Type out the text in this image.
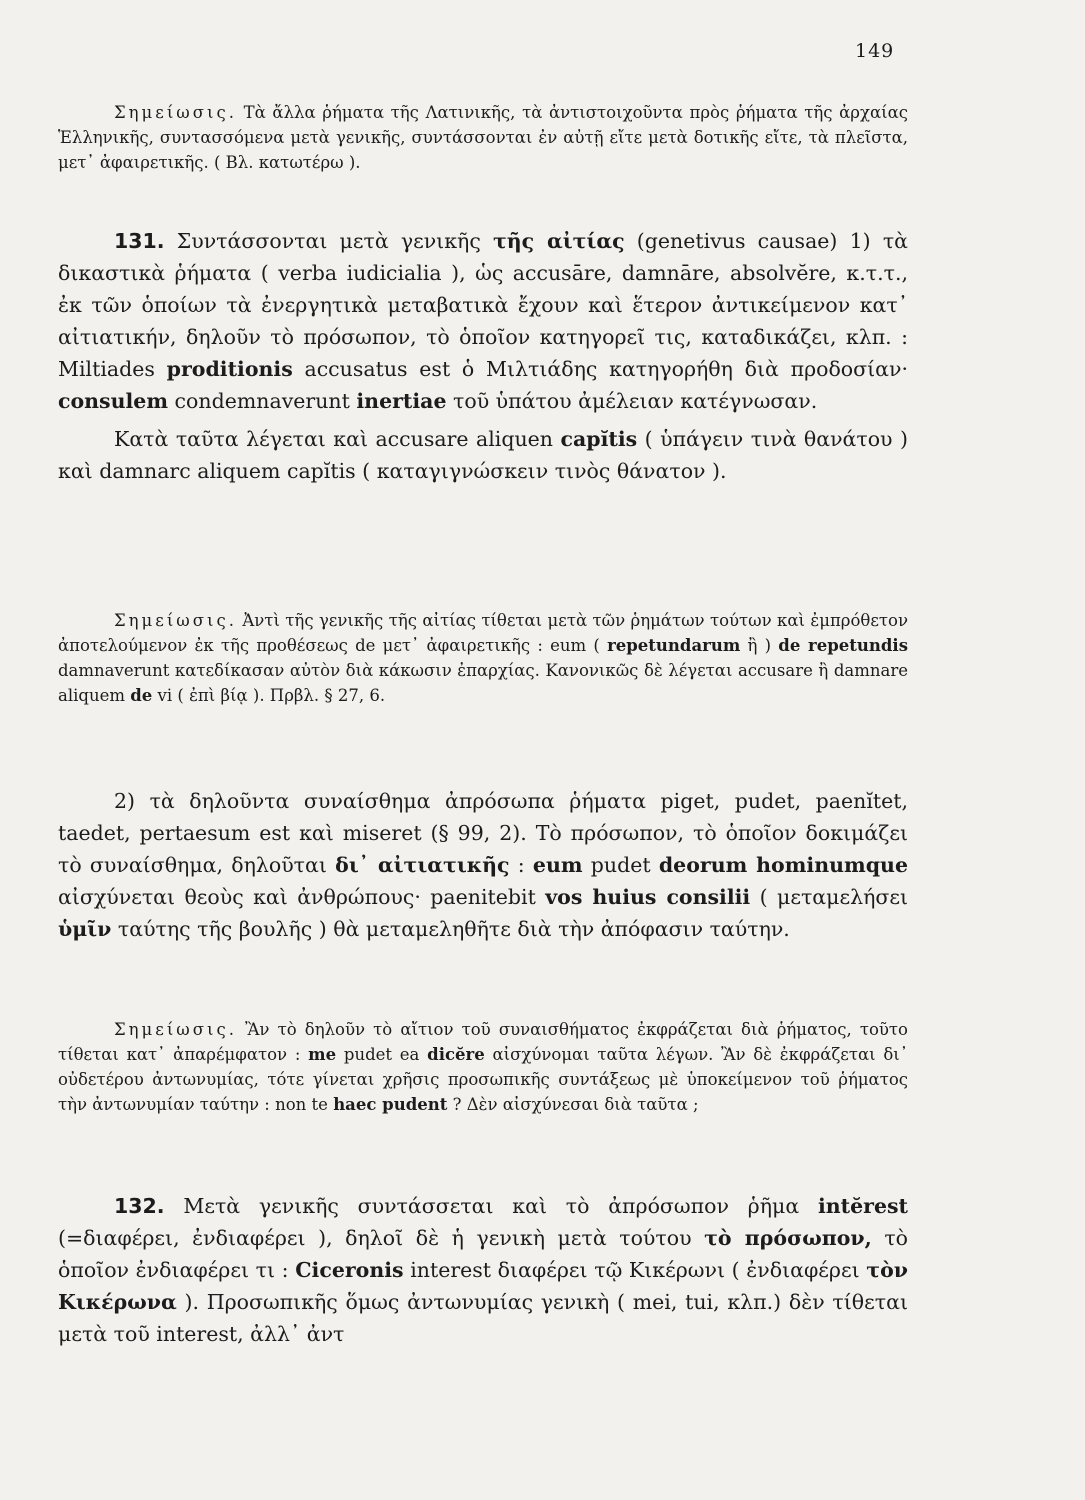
149

Σημείωσις. Τὰ ἄλλα ῥήματα τῆς Λατινικῆς, τὰ ἀντιστοιχοῦντα πρὸς ῥήματα τῆς ἀρχαίας Ἑλληνικῆς, συντασσόμενα μετὰ γενικῆς, συντάσσονται ἐν αὐτῇ εἴτε μετὰ δοτικῆς εἴτε, τὰ πλεῖστα, μετ᾽ ἀφαιρετικῆς. ( Βλ. κατωτέρω ).

131. Συντάσσονται μετὰ γενικῆς τῆς αἰτίας (genetivus causae) 1) τὰ δικαστικὰ ῥήματα ( verba iudicialia ), ὡς accusāre, damnāre, absolvĕre, κ.τ.τ., ἐκ τῶν ὁποίων τὰ ἐνεργητικὰ μεταβατικὰ ἔχουν καὶ ἕτερον ἀντικείμενον κατ᾽ αἰτιατικήν, δηλοῦν τὸ πρόσωπον, τὸ ὁποῖον κατηγορεῖ τις, καταδικάζει, κλπ. : Miltiades proditionis accusatus est ὁ Μιλτιάδης κατηγορήθη διὰ προδοσίαν· consulem condemnaverunt inertiae τοῦ ὑπάτου ἀμέλειαν κατέγνωσαν.

Κατὰ ταῦτα λέγεται καὶ accusare aliquen capĭtis ( ὑπάγειν τινὰ θανάτου ) καὶ damnarc aliquem capĭtis ( καταγιγνώσκειν τινὸς θάνατον ).

Σημείωσις. Ἀντὶ τῆς γενικῆς τῆς αἰτίας τίθεται μετὰ τῶν ῥημάτων τούτων καὶ ἐμπρόθετον ἀποτελούμενον ἐκ τῆς προθέσεως de μετ᾽ ἀφαιρετικῆς : eum ( repetundarum ἢ ) de repetundis damnaverunt κατεδίκασαν αὐτὸν διὰ κάκωσιν ἐπαρχίας. Κανονικῶς δὲ λέγεται accusare ἢ damnare aliquem de vi ( ἐπὶ βίᾳ ). Πρβλ. § 27, 6.

2) τὰ δηλοῦντα συναίσθημα ἀπρόσωπα ῥήματα piget, pudet, paenĭtet, taedet, pertaesum est καὶ miseret (§ 99, 2). Τὸ πρόσωπον, τὸ ὁποῖον δοκιμάζει τὸ συναίσθημα, δηλοῦται δι᾽ αἰτιατικῆς : eum pudet deorum hominumque αἰσχύνεται θεοὺς καὶ ἀνθρώπους· paenitebit vos huius consilii ( μεταμελήσει ὑμῖν ταύτης τῆς βουλῆς ) θὰ μεταμεληθῆτε διὰ τὴν ἀπόφασιν ταύτην.

Σημείωσις. Ἂν τὸ δηλοῦν τὸ αἴτιον τοῦ συναισθήματος ἐκφράζεται διὰ ῥήματος, τοῦτο τίθεται κατ᾽ ἀπαρέμφατον : me pudet ea dicĕre αἰσχύνομαι ταῦτα λέγων. Ἂν δὲ ἐκφράζεται δι᾽ οὐδετέρου ἀντωνυμίας, τότε γίνεται χρῆσις προσωπικῆς συντάξεως μὲ ὑποκείμενον τοῦ ῥήματος τὴν ἀντωνυμίαν ταύτην : non te haec pudent ? Δὲν αἰσχύνεσαι διὰ ταῦτα ;

132. Μετὰ γενικῆς συντάσσεται καὶ τὸ ἀπρόσωπον ῥῆμα intĕrest (=διαφέρει, ἐνδιαφέρει ), δηλοῖ δὲ ἡ γενικὴ μετὰ τούτου τὸ πρόσωπον, τὸ ὁποῖον ἐνδιαφέρει τι : Ciceronis interest διαφέρει τῷ Κικέρωνι ( ἐνδιαφέρει τὸν Κικέρωνα ). Προσωπικῆς ὅμως ἀντωνυμίας γενικὴ ( mei, tui, κλπ.) δὲν τίθεται μετὰ τοῦ interest, ἀλλ᾽ ἀντ
